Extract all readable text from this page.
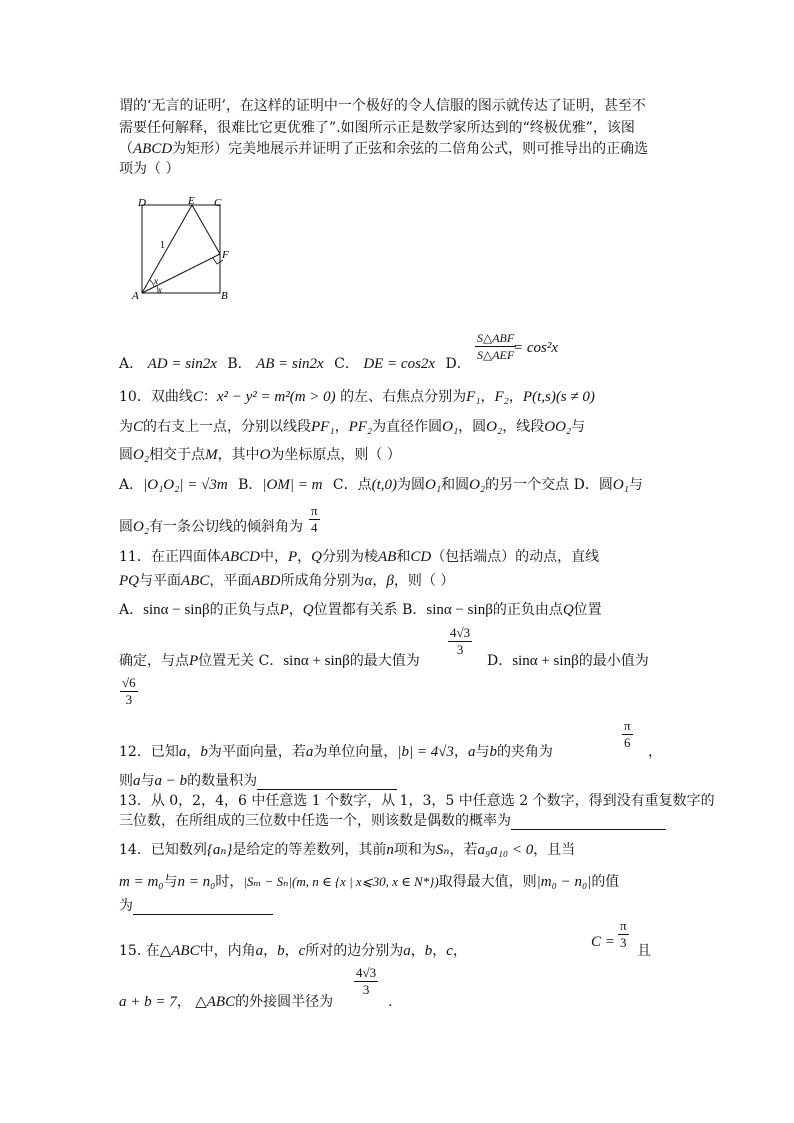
谓的‘无言的证明’，在这样的证明中一个极好的令人信服的图示就传达了证明，甚至不
需要任何解释，很难比它更优雅了”.如图所示正是数学家所达到的“终极优雅”，该图
（ABCD为矩形）完美地展示并证明了正弦和余弦的二倍角公式，则可推导出的正确选
项为（ ）
D	E C
F
A	B
1
x
x
A． AD = sin2x B． AB = sin2x C． DE = cos2x D．
S△ABF
S△AEF
= cos²x
10．双曲线C：x² − y² = m²(m > 0) 的左、右焦点分别为F₁，F₂，P(t,s)(s ≠ 0)
为C的右支上一点，分别以线段PF₁，PF₂为直径作圆O₁，圆O₂，线段OO₂与
圆O₂相交于点M，其中O为坐标原点，则（ ）
A．|O₁O₂| = √3m B．|OM| = m C．点(t,0)为圆O₁和圆O₂的另一个交点 D．圆O₁与
圆O₂有一条公切线的倾斜角为 $\frac{\pi}{4}$
11．在正四面体ABCD中，P，Q分别为棱AB和CD（包括端点）的动点，直线
PQ与平面ABC，平面ABD所成角分别为α，β，则（ ）
A．sinα − sinβ的正负与点P，Q位置都有关系 B．sinα − sinβ的正负由点Q位置
确定，与点P位置无关 C．sinα + sinβ的最大值为
$\frac{4√3}{3}$
D．sinα + sinβ的最小值为
$\frac{√6}{3}$
12．已知a，b为平面向量，若a为单位向量，|b| = 4√3，a与b的夹角为
$\frac{\pi}{6}$
，
则a与a − b的数量积为
13．从 0，2，4，6 中任意选 1 个数字，从 1，3，5 中任意选 2 个数字，得到没有重复数字的
三位数，在所组成的三位数中任选一个，则该数是偶数的概率为
14．已知数列{aₙ}是给定的等差数列，其前n项和为Sₙ，若a₉a₁₀ < 0，且当
m = m₀与n = n₀时，|Sₘ − Sₙ|(m, n ∈ {x | x⩽30, x ∈ N*})取得最大值，则|m₀ − n₀|的值
为
15. 在△ABC中，内角a，b，c所对的边分别为a，b，c，
$C = \frac{\pi}{3}$ 且
a + b = 7， △ABC的外接圆半径为
$\frac{4√3}{3}$
.
